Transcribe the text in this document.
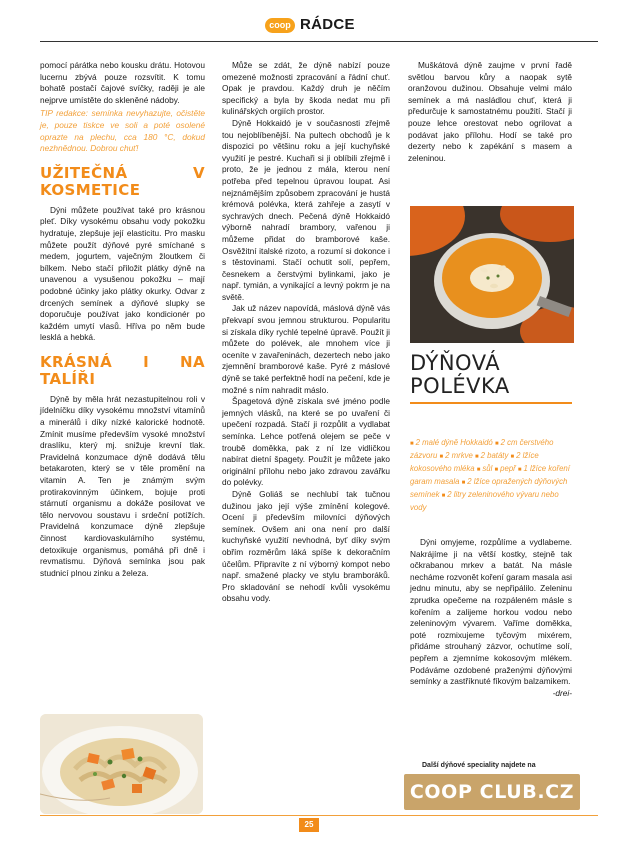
coop RÁDCE

pomocí párátka nebo kousku drátu. Hotovou lucernu zbývá pouze rozsvítit. K tomu bohatě postačí čajové svíčky, raději je ale nejprve umístěte do skleněné nádoby.

TIP redakce: semínka nevyhazujte, očistěte je, pouze tiskce ve soli a poté osolené oprazte na plechu, cca 180 °C, dokud nezhnědnou. Dobrou chuť!

UŽITEČNÁ V KOSMETICE

Dýni můžete používat také pro krásnou pleť. Díky vysokému obsahu vody pokožku hydratuje, zlepšuje její elasticitu. Pro masku můžete použít dýňové pyré smíchané s medem, jogurtem, vaječným žloutkem či bílkem. Nebo stačí přiložit plátky dýně na unavenou a vysušenou pokožku – mají podobné účinky jako plátky okurky. Odvar z drcených semínek a dýňové slupky se doporučuje používat jako kondicionér po každém umytí vlasů. Hříva po něm bude lesklá a hebká.

KRÁSNÁ I NA TALÍŘI

Dýně by měla hrát nezastupitelnou roli v jídelníčku díky vysokému množství vitamínů a minerálů i díky nízké kalorické hodnotě. Zmínit musíme především vysoké množství draslíku, který mj. snižuje krevní tlak. Pravidelná konzumace dýně dodává tělu betakaroten, který se v těle promění na vitamin A. Ten je známým svým protirakovinným účinkem, bojuje proti stárnutí organismu a dokáže posilovat ve tělo nervovou soustavu i srdeční potížích. Pravidelná konzumace dýně zlepšuje činnost kardiovaskulárního systému, detoxikuje organismus, pomáhá při dně i revmatismu. Dýňová semínka jsou pak studnicí plnou zinku a železa.

Může se zdát, že dýně nabízí pouze omezené možnosti zpracování a řádní chuť. Opak je pravdou. Každý druh je něčím specifický a byla by škoda nedat mu při kulinářských orgiích prostor.

Dýně Hokkaidó je v současnosti zřejmě tou nejoblíbenější. Na pultech obchodů je k dispozici po většinu roku a její kuchyňské využití je pestré. Kuchaři si ji oblíbili zřejmě i proto, že je jednou z mála, kterou není potřeba před tepelnou úpravou loupat. Asi nejznámějším způsobem zpracování je hustá krémová polévka, která zahřeje a zasytí v sychravých dnech. Pečená dýně Hokkaidó výborně nahradí brambory, vařenou ji můžeme přidat do bramborové kaše. Osvěžitní italské rizoto, a rozumí si dokonce i s těstovinami. Stačí ochutit solí, pepřem, česnekem a čerstvými bylinkami, jako je např. tymián, a vynikající a levný pokrm je na světě.

Jak už název napovídá, máslová dýně vás překvapí svou jemnou strukturou. Popularitu si získala díky rychlé tepelné úpravě. Použít ji můžete do polévek, ale mnohem více ji oceníte v zavařeninách, dezertech nebo jako zjemnění bramborové kaše. Pyré z máslové dýně se také perfektně hodí na pečení, kde je možné s ním nahradit máslo.

Špagetová dýně získala své jméno podle jemných vlásků, na které se po uvaření či upečení rozpadá. Stačí ji rozpůlit a vydlabat semínka. Lehce potřená olejem se peče v troubě doměkka, pak z ní lze vidličkou nabírat dietní špagety. Použít je můžete jako originální přílohu nebo jako zdravou zavářku do polévky.

Dýně Goliáš se nechlubí tak tučnou dužinou jako její výše zmínění kolegové. Ocení ji především milovníci dýňových semínek. Ovšem ani ona není pro další kuchyňské využití nevhodná, byť díky svým obřím rozměrům láká spíše k dekoračním účelům. Připravíte z ní výborný kompot nebo např. smažené placky ve stylu bramboráků. Pro skladování se nehodí kvůli vysokému obsahu vody.

Muškátová dýně zaujme v první řadě světlou barvou kůry a naopak sytě oranžovou dužinou. Obsahuje velmi málo semínek a má nasládlou chuť, která ji předurčuje k samostatnému použití. Stačí ji pouze lehce orestovat nebo ogrilovat a podávat jako přílohu. Hodí se také pro dezerty nebo k zapékání s masem a zeleninou.

DÝŇOVÁ POLÉVKA
■ 2 malé dýně Hokkaidó ■ 2 cm čerstvého zázvoru ■ 2 mrkve ■ 2 batáty ■ 2 lžíce kokosového mléka ■ sůl ■ pepř ■ 1 lžíce koření garam masala ■ 2 lžíce opražených dýňových semínek ■ 2 litry zeleninového vývaru nebo vody

Dýni omyjeme, rozpůlíme a vydlabeme. Nakrájíme ji na větší kostky, stejně tak očkrabanou mrkev a batát. Na másle necháme rozvonět koření garam masala asi jednu minutu, aby se nepřipálilo. Zeleninu zprudka opečeme na rozpáleném másle s kořením a zalijeme horkou vodou nebo zeleninovým vývarem. Vaříme doměkka, poté rozmixujeme tyčovým mixérem, přidáme strouhaný zázvor, ochutíme solí, pepřem a zjemníme kokosovým mlékem. Podáváme ozdobené praženými dýňovými semínky a zastříknuté fíkovým balzamikem.

-drei-

Další dýňové speciality najdete na
COOP CLUB.CZ
25
